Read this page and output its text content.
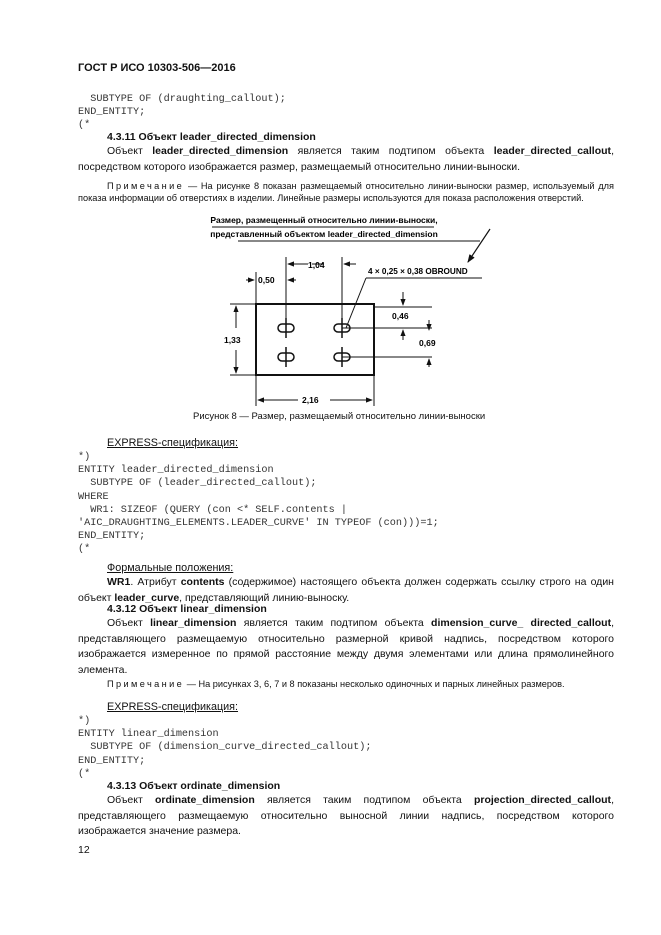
ГОСТ Р ИСО 10303-506—2016
SUBTYPE OF (draughting_callout);
END_ENTITY;
(*
4.3.11 Объект leader_directed_dimension
Объект leader_directed_dimension является таким подтипом объекта leader_directed_callout, посредством которого изображается размер, размещаемый относительно линии-выноски.
Примечание — На рисунке 8 показан размещаемый относительно линии-выноски размер, используемый для показа информации об отверстиях в изделии. Линейные размеры используются для показа расположения отверстий.
Размер, размещенный относительно линии-выноски,
представленный объектом leader_directed_dimension
1,04
0,50
4 × 0,25 × 0,38 OBROUND
0,46
0,69
1,33
2,16
Рисунок 8 — Размер, размещаемый относительно линии-выноски
EXPRESS-спецификация:
*)
ENTITY leader_directed_dimension
SUBTYPE OF (leader_directed_callout);
WHERE
WR1: SIZEOF (QUERY (con <* SELF.contents |
'AIC_DRAUGHTING_ELEMENTS.LEADER_CURVE' IN TYPEOF (con)))=1;
END_ENTITY;
(*
Формальные положения:
WR1. Атрибут contents (содержимое) настоящего объекта должен содержать ссылку строго на один объект leader_curve, представляющий линию-выноску.
4.3.12 Объект linear_dimension
Объект linear_dimension является таким подтипом объекта dimension_curve_ directed_callout, представляющего размещаемую относительно размерной кривой надпись, посредством которого изображается измеренное по прямой расстояние между двумя элементами или длина прямолинейного элемента.
Примечание — На рисунках 3, 6, 7 и 8 показаны несколько одиночных и парных линейных размеров.
EXPRESS-спецификация:
*)
ENTITY linear_dimension
SUBTYPE OF (dimension_curve_directed_callout);
END_ENTITY;
(*
4.3.13 Объект ordinate_dimension
Объект ordinate_dimension является таким подтипом объекта projection_directed_callout, представляющего размещаемую относительно выносной линии надпись, посредством которого изображается значение размера.
12
